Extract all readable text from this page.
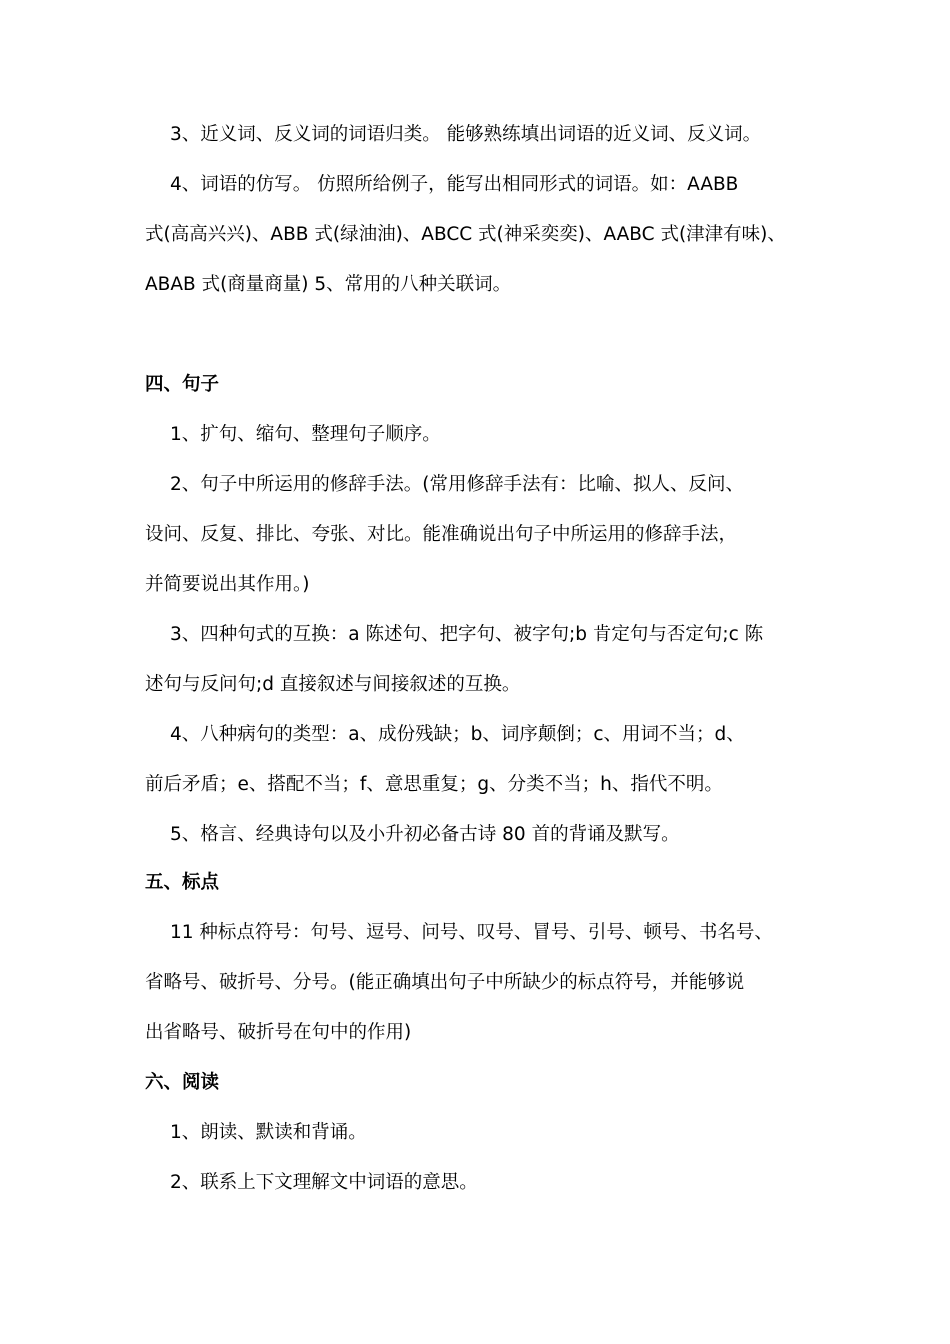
3、近义词、反义词的词语归类。 能够熟练填出词语的近义词、反义词。
4、词语的仿写。 仿照所给例子，能写出相同形式的词语。如：AABB
式(高高兴兴)、ABB 式(绿油油)、ABCC 式(神采奕奕)、AABC 式(津津有味)、
ABAB 式(商量商量) 5、常用的八种关联词。
四、句子
1、扩句、缩句、整理句子顺序。
2、句子中所运用的修辞手法。(常用修辞手法有：比喻、拟人、反问、
设问、反复、排比、夸张、对比。能准确说出句子中所运用的修辞手法，
并简要说出其作用。)
3、四种句式的互换：a 陈述句、把字句、被字句;b 肯定句与否定句;c 陈
述句与反问句;d 直接叙述与间接叙述的互换。
4、八种病句的类型：a、成份残缺；b、词序颠倒；c、用词不当；d、
前后矛盾；e、搭配不当；f、意思重复；g、分类不当；h、指代不明。
5、格言、经典诗句以及小升初必备古诗 80 首的背诵及默写。
五、标点
11 种标点符号：句号、逗号、问号、叹号、冒号、引号、顿号、书名号、
省略号、破折号、分号。(能正确填出句子中所缺少的标点符号，并能够说
出省略号、破折号在句中的作用)
六、阅读
1、朗读、默读和背诵。
2、联系上下文理解文中词语的意思。
